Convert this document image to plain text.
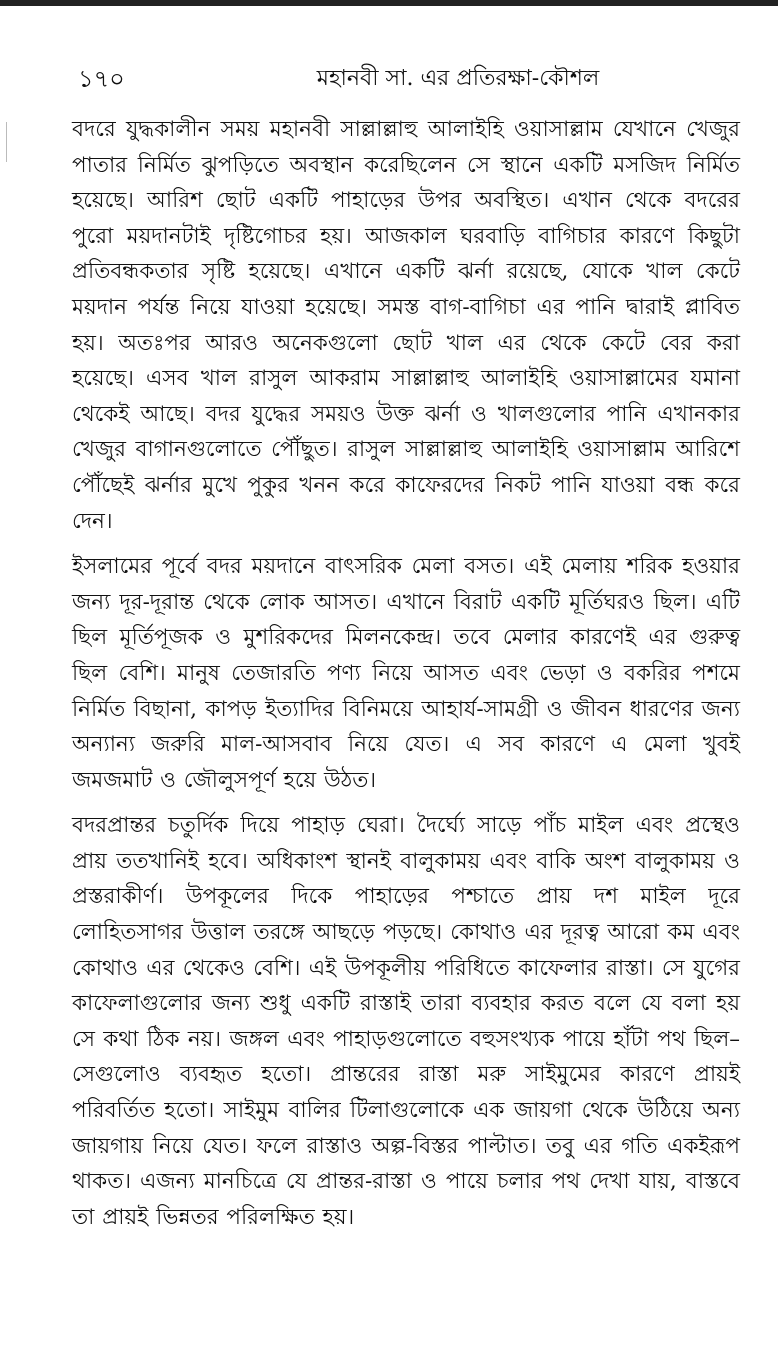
১৭০	মহানবী সা. এর প্রতিরক্ষা-কৌশল

বদরে যুদ্ধকালীন সময় মহানবী সাল্লাল্লাহু আলাইহি ওয়াসাল্লাম যেখানে খেজুর পাতার নির্মিত ঝুপড়িতে অবস্থান করেছিলেন সে স্থানে একটি মসজিদ নির্মিত হয়েছে। আরিশ ছোট একটি পাহাড়ের উপর অবস্থিত। এখান থেকে বদরের পুরো ময়দানটাই দৃষ্টিগোচর হয়। আজকাল ঘরবাড়ি বাগিচার কারণে কিছুটা প্রতিবন্ধকতার সৃষ্টি হয়েছে। এখানে একটি ঝর্না রয়েছে, যোকে খাল কেটে ময়দান পর্যন্ত নিয়ে যাওয়া হয়েছে। সমস্ত বাগ-বাগিচা এর পানি দ্বারাই প্লাবিত হয়। অতঃপর আরও অনেকগুলো ছোট খাল এর থেকে কেটে বের করা হয়েছে। এসব খাল রাসুল আকরাম সাল্লাল্লাহু আলাইহি ওয়াসাল্লামের যমানা থেকেই আছে। বদর যুদ্ধের সময়ও উক্ত ঝর্না ও খালগুলোর পানি এখানকার খেজুর বাগানগুলোতে পৌঁছুত। রাসুল সাল্লাল্লাহু আলাইহি ওয়াসাল্লাম আরিশে পৌঁছেই ঝর্নার মুখে পুকুর খনন করে কাফেরদের নিকট পানি যাওয়া বন্ধ করে দেন।

ইসলামের পূর্বে বদর ময়দানে বাৎসরিক মেলা বসত। এই মেলায় শরিক হওয়ার জন্য দূর-দূরান্ত থেকে লোক আসত। এখানে বিরাট একটি মূর্তিঘরও ছিল। এটি ছিল মূর্তিপূজক ও মুশরিকদের মিলনকেন্দ্র। তবে মেলার কারণেই এর গুরুত্ব ছিল বেশি। মানুষ তেজারতি পণ্য নিয়ে আসত এবং ভেড়া ও বকরির পশমে নির্মিত বিছানা, কাপড় ইত্যাদির বিনিময়ে আহার্য-সামগ্রী ও জীবন ধারণের জন্য অন্যান্য জরুরি মাল-আসবাব নিয়ে যেত। এ সব কারণে এ মেলা খুবই জমজমাট ও জৌলুসপূর্ণ হয়ে উঠত।

বদরপ্রান্তর চতুর্দিক দিয়ে পাহাড় ঘেরা। দৈর্ঘ্যে সাড়ে পাঁচ মাইল এবং প্রস্থেও প্রায় ততখানিই হবে। অধিকাংশ স্থানই বালুকাময় এবং বাকি অংশ বালুকাময় ও প্রস্তরাকীর্ণ। উপকূলের দিকে পাহাড়ের পশ্চাতে প্রায় দশ মাইল দূরে লোহিতসাগর উত্তাল তরঙ্গে আছড়ে পড়ছে। কোথাও এর দূরত্ব আরো কম এবং কোথাও এর থেকেও বেশি। এই উপকূলীয় পরিধিতে কাফেলার রাস্তা। সে যুগের কাফেলাগুলোর জন্য শুধু একটি রাস্তাই তারা ব্যবহার করত বলে যে বলা হয় সে কথা ঠিক নয়। জঙ্গল এবং পাহাড়গুলোতে বহুসংখ্যক পায়ে হাঁটা পথ ছিল– সেগুলোও ব্যবহৃত হতো। প্রান্তরের রাস্তা মরু সাইমুমের কারণে প্রায়ই পরিবর্তিত হতো। সাইমুম বালির টিলাগুলোকে এক জায়গা থেকে উঠিয়ে অন্য জায়গায় নিয়ে যেত। ফলে রাস্তাও অল্প-বিস্তর পাল্টাত। তবু এর গতি একইরূপ থাকত। এজন্য মানচিত্রে যে প্রান্তর-রাস্তা ও পায়ে চলার পথ দেখা যায়, বাস্তবে তা প্রায়ই ভিন্নতর পরিলক্ষিত হয়।
